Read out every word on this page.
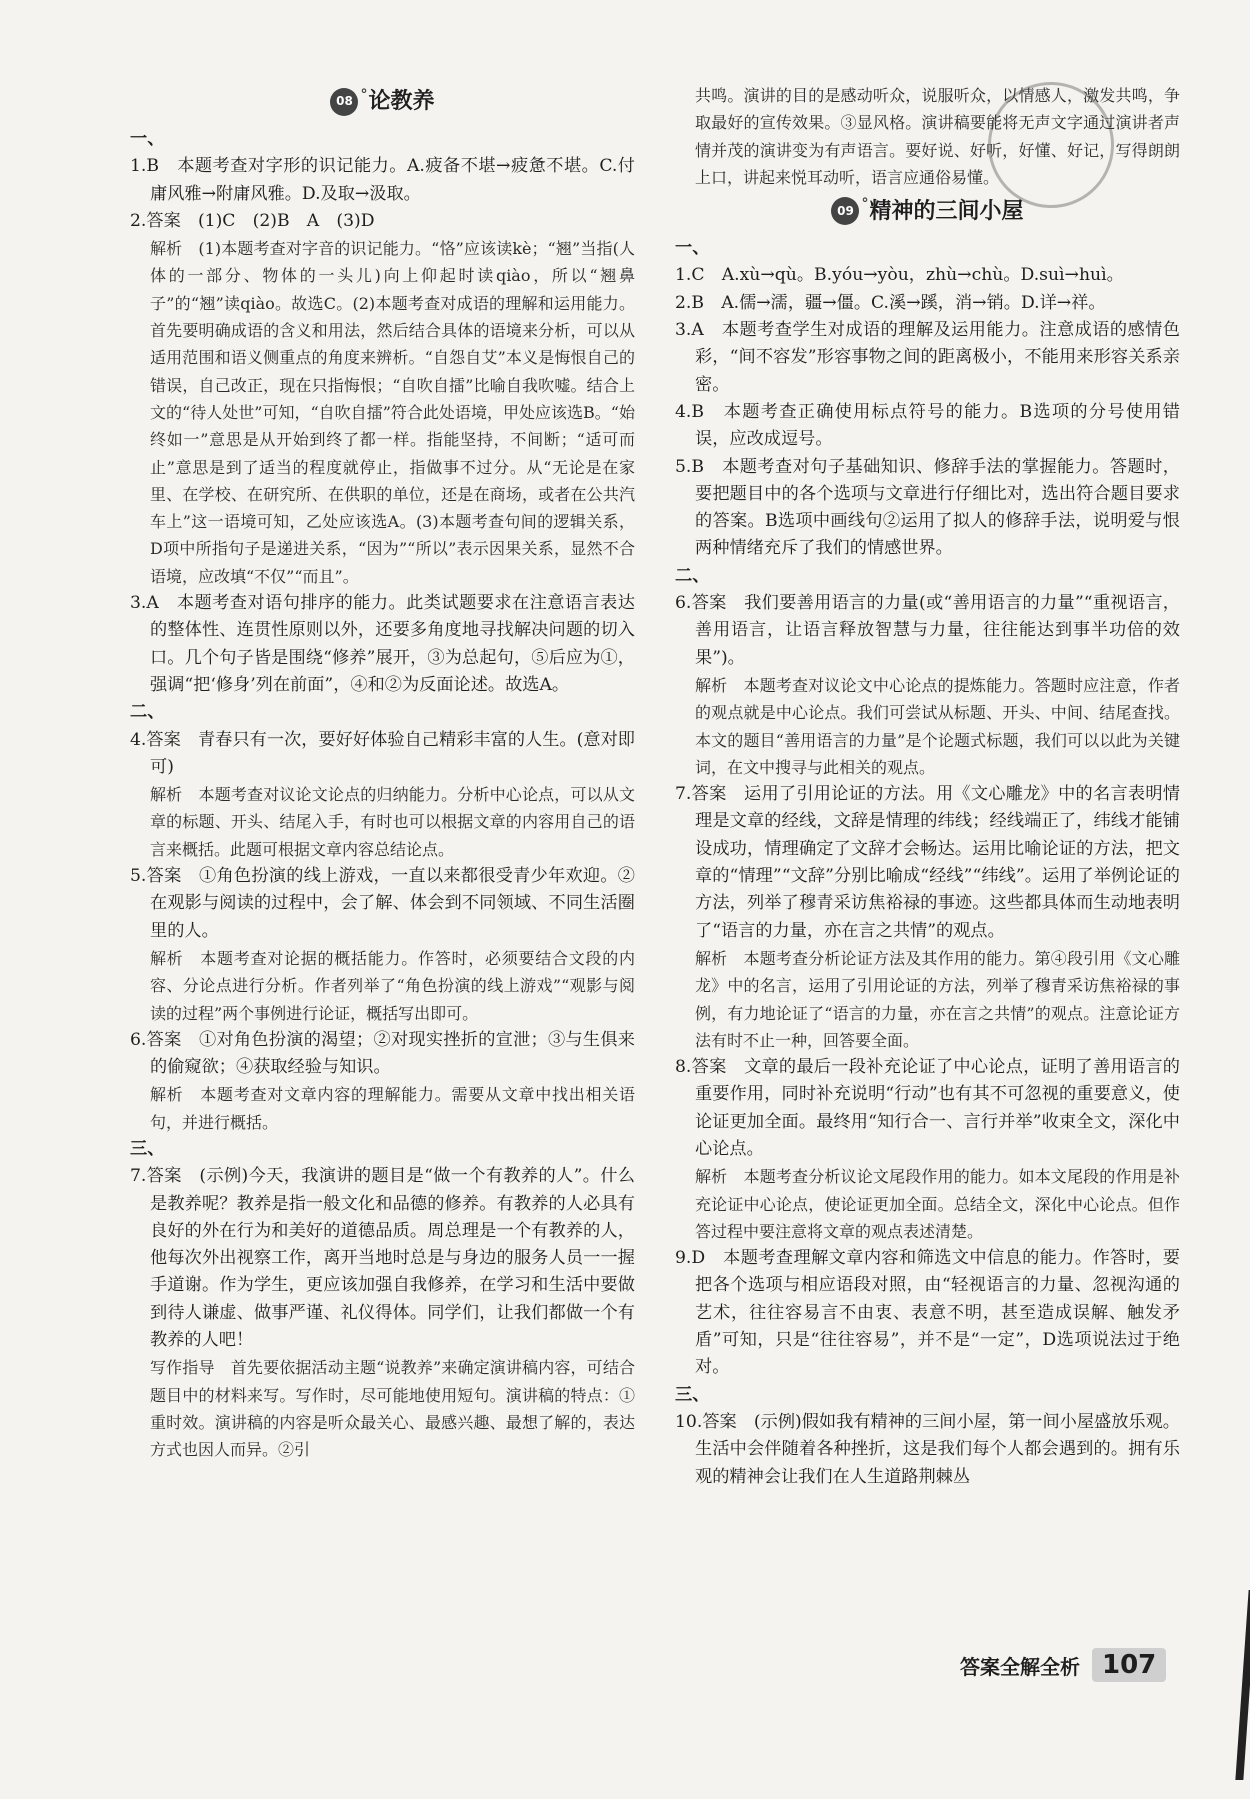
08 ° 论教养

一、

1.B　本题考查对字形的识记能力。A.疲备不堪→疲惫不堪。C.付庸风雅→附庸风雅。D.及取→汲取。

2.答案　(1)C　(2)B　A　(3)D

解析　(1)本题考查对字音的识记能力。“恪”应该读kè；“翘”当指(人体的一部分、物体的一头儿)向上仰起时读qiào，所以“翘鼻子”的“翘”读qiào。故选C。(2)本题考查对成语的理解和运用能力。首先要明确成语的含义和用法，然后结合具体的语境来分析，可以从适用范围和语义侧重点的角度来辨析。“自怨自艾”本义是悔恨自己的错误，自己改正，现在只指悔恨；“自吹自擂”比喻自我吹嘘。结合上文的“待人处世”可知，“自吹自擂”符合此处语境，甲处应该选B。“始终如一”意思是从开始到终了都一样。指能坚持，不间断；“适可而止”意思是到了适当的程度就停止，指做事不过分。从“无论是在家里、在学校、在研究所、在供职的单位，还是在商场，或者在公共汽车上”这一语境可知，乙处应该选A。(3)本题考查句间的逻辑关系，D项中所指句子是递进关系，“因为”“所以”表示因果关系，显然不合语境，应改填“不仅”“而且”。

3.A　本题考查对语句排序的能力。此类试题要求在注意语言表达的整体性、连贯性原则以外，还要多角度地寻找解决问题的切入口。几个句子皆是围绕“修养”展开，③为总起句，⑤后应为①，强调“把‘修身’列在前面”，④和②为反面论述。故选A。

二、

4.答案　青春只有一次，要好好体验自己精彩丰富的人生。(意对即可)

解析　本题考查对议论文论点的归纳能力。分析中心论点，可以从文章的标题、开头、结尾入手，有时也可以根据文章的内容用自己的语言来概括。此题可根据文章内容总结论点。

5.答案　①角色扮演的线上游戏，一直以来都很受青少年欢迎。②在观影与阅读的过程中，会了解、体会到不同领域、不同生活圈里的人。

解析　本题考查对论据的概括能力。作答时，必须要结合文段的内容、分论点进行分析。作者列举了“角色扮演的线上游戏”“观影与阅读的过程”两个事例进行论证，概括写出即可。

6.答案　①对角色扮演的渴望；②对现实挫折的宣泄；③与生俱来的偷窥欲；④获取经验与知识。

解析　本题考查对文章内容的理解能力。需要从文章中找出相关语句，并进行概括。

三、

7.答案　(示例)今天，我演讲的题目是“做一个有教养的人”。什么是教养呢？教养是指一般文化和品德的修养。有教养的人必具有良好的外在行为和美好的道德品质。周总理是一个有教养的人，他每次外出视察工作，离开当地时总是与身边的服务人员一一握手道谢。作为学生，更应该加强自我修养，在学习和生活中要做到待人谦虚、做事严谨、礼仪得体。同学们，让我们都做一个有教养的人吧！

写作指导　首先要依据活动主题“说教养”来确定演讲稿内容，可结合题目中的材料来写。写作时，尽可能地使用短句。演讲稿的特点：①重时效。演讲稿的内容是听众最关心、最感兴趣、最想了解的，表达方式也因人而异。②引

共鸣。演讲的目的是感动听众，说服听众，以情感人，激发共鸣，争取最好的宣传效果。③显风格。演讲稿要能将无声文字通过演讲者声情并茂的演讲变为有声语言。要好说、好听，好懂、好记，写得朗朗上口，讲起来悦耳动听，语言应通俗易懂。

09 ° 精神的三间小屋

一、

1.C　A.xù→qù。B.yóu→yòu，zhù→chù。D.suì→huì。

2.B　A.儒→濡，疆→僵。C.溪→蹊，消→销。D.详→祥。

3.A　本题考查学生对成语的理解及运用能力。注意成语的感情色彩，“间不容发”形容事物之间的距离极小，不能用来形容关系亲密。

4.B　本题考查正确使用标点符号的能力。B选项的分号使用错误，应改成逗号。

5.B　本题考查对句子基础知识、修辞手法的掌握能力。答题时，要把题目中的各个选项与文章进行仔细比对，选出符合题目要求的答案。B选项中画线句②运用了拟人的修辞手法，说明爱与恨两种情绪充斥了我们的情感世界。

二、

6.答案　我们要善用语言的力量(或“善用语言的力量”“重视语言，善用语言，让语言释放智慧与力量，往往能达到事半功倍的效果”)。

解析　本题考查对议论文中心论点的提炼能力。答题时应注意，作者的观点就是中心论点。我们可尝试从标题、开头、中间、结尾查找。本文的题目“善用语言的力量”是个论题式标题，我们可以以此为关键词，在文中搜寻与此相关的观点。

7.答案　运用了引用论证的方法。用《文心雕龙》中的名言表明情理是文章的经线，文辞是情理的纬线；经线端正了，纬线才能铺设成功，情理确定了文辞才会畅达。运用比喻论证的方法，把文章的“情理”“文辞”分别比喻成“经线”“纬线”。运用了举例论证的方法，列举了穆青采访焦裕禄的事迹。这些都具体而生动地表明了“语言的力量，亦在言之共情”的观点。

解析　本题考查分析论证方法及其作用的能力。第④段引用《文心雕龙》中的名言，运用了引用论证的方法，列举了穆青采访焦裕禄的事例，有力地论证了“语言的力量，亦在言之共情”的观点。注意论证方法有时不止一种，回答要全面。

8.答案　文章的最后一段补充论证了中心论点，证明了善用语言的重要作用，同时补充说明“行动”也有其不可忽视的重要意义，使论证更加全面。最终用“知行合一、言行并举”收束全文，深化中心论点。

解析　本题考查分析议论文尾段作用的能力。如本文尾段的作用是补充论证中心论点，使论证更加全面。总结全文，深化中心论点。但作答过程中要注意将文章的观点表述清楚。

9.D　本题考查理解文章内容和筛选文中信息的能力。作答时，要把各个选项与相应语段对照，由“轻视语言的力量、忽视沟通的艺术，往往容易言不由衷、表意不明，甚至造成误解、触发矛盾”可知，只是“往往容易”，并不是“一定”，D选项说法过于绝对。

三、

10.答案　(示例)假如我有精神的三间小屋，第一间小屋盛放乐观。生活中会伴随着各种挫折，这是我们每个人都会遇到的。拥有乐观的精神会让我们在人生道路荆棘丛

答案全解全析 107
